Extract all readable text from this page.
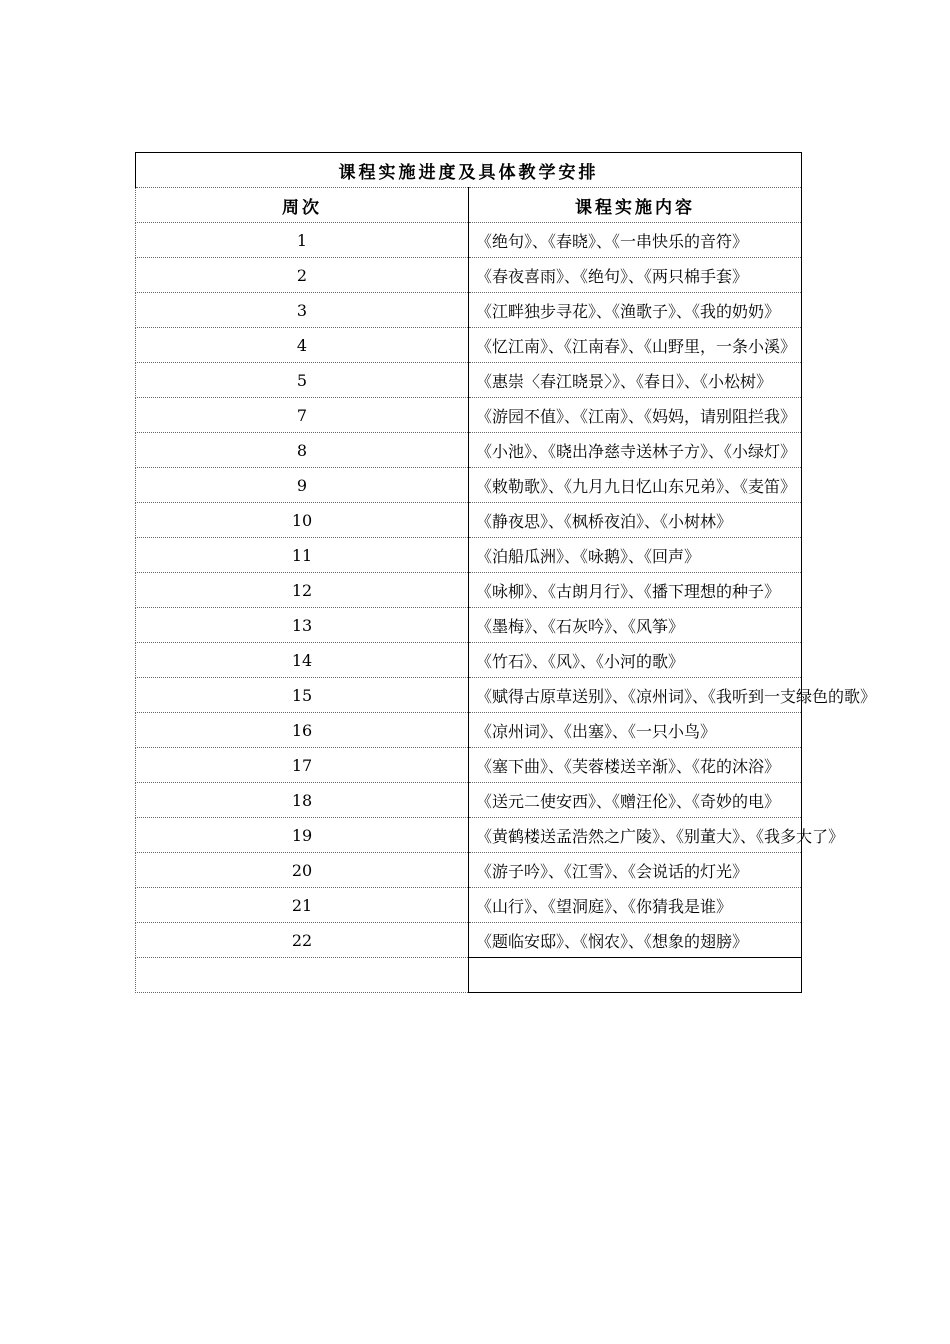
课程实施进度及具体教学安排	
周次	课程实施内容
1	《绝句》、《春晓》、《一串快乐的音符》
2	《春夜喜雨》、《绝句》、《两只棉手套》
3	《江畔独步寻花》、《渔歌子》、《我的奶奶》
4	《忆江南》、《江南春》、《山野里，一条小溪》
5	《惠崇〈春江晓景〉》、《春日》、《小松树》
7	《游园不值》、《江南》、《妈妈，请别阻拦我》
8	《小池》、《晓出净慈寺送林子方》、《小绿灯》
9	《敕勒歌》、《九月九日忆山东兄弟》、《麦笛》
10	《静夜思》、《枫桥夜泊》、《小树林》
11	《泊船瓜洲》、《咏鹅》、《回声》
12	《咏柳》、《古朗月行》、《播下理想的种子》
13	《墨梅》、《石灰吟》、《风筝》
14	《竹石》、《风》、《小河的歌》
15	《赋得古原草送别》、《凉州词》、《我听到一支绿色的歌》
16	《凉州词》、《出塞》、《一只小鸟》
17	《塞下曲》、《芙蓉楼送辛渐》、《花的沐浴》
18	《送元二使安西》、《赠汪伦》、《奇妙的电》
19	《黄鹤楼送孟浩然之广陵》、《别董大》、《我多大了》
20	《游子吟》、《江雪》、《会说话的灯光》
21	《山行》、《望洞庭》、《你猜我是谁》
22	《题临安邸》、《悯农》、《想象的翅膀》
